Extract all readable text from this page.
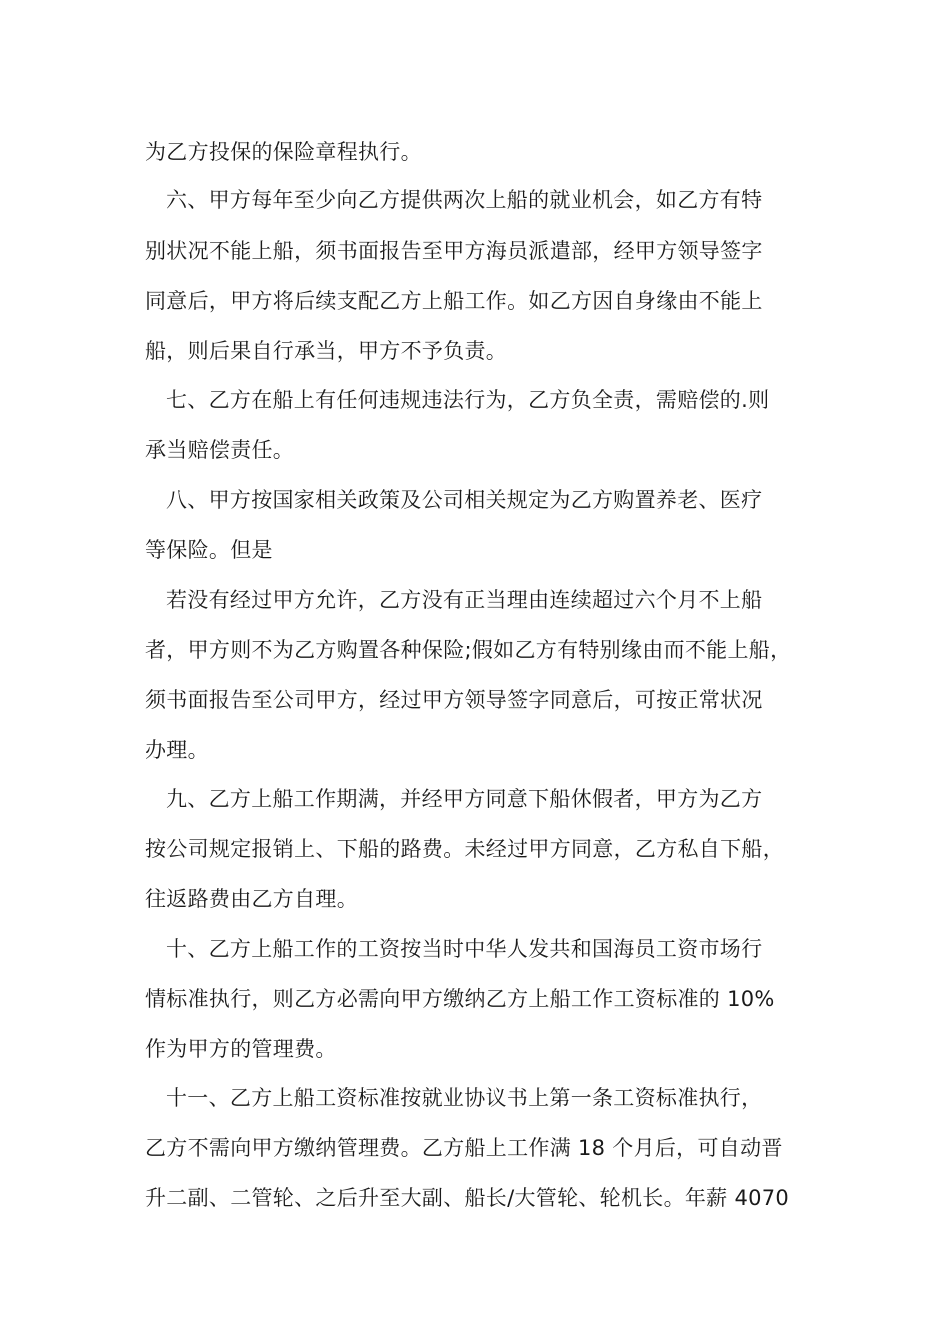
为乙方投保的保险章程执行。
六、甲方每年至少向乙方提供两次上船的就业机会，如乙方有特
别状况不能上船，须书面报告至甲方海员派遣部，经甲方领导签字
同意后，甲方将后续支配乙方上船工作。如乙方因自身缘由不能上
船，则后果自行承当，甲方不予负责。
七、乙方在船上有任何违规违法行为，乙方负全责，需赔偿的.则
承当赔偿责任。
八、甲方按国家相关政策及公司相关规定为乙方购置养老、医疗
等保险。但是
若没有经过甲方允许，乙方没有正当理由连续超过六个月不上船
者，甲方则不为乙方购置各种保险;假如乙方有特别缘由而不能上船，
须书面报告至公司甲方，经过甲方领导签字同意后，可按正常状况
办理。
九、乙方上船工作期满，并经甲方同意下船休假者，甲方为乙方
按公司规定报销上、下船的路费。未经过甲方同意，乙方私自下船，
往返路费由乙方自理。
十、乙方上船工作的工资按当时中华人发共和国海员工资市场行
情标准执行，则乙方必需向甲方缴纳乙方上船工作工资标准的 10%
作为甲方的管理费。
十一、乙方上船工资标准按就业协议书上第一条工资标准执行，
乙方不需向甲方缴纳管理费。乙方船上工作满 18 个月后，可自动晋
升二副、二管轮、之后升至大副、船长/大管轮、轮机长。年薪 4070
